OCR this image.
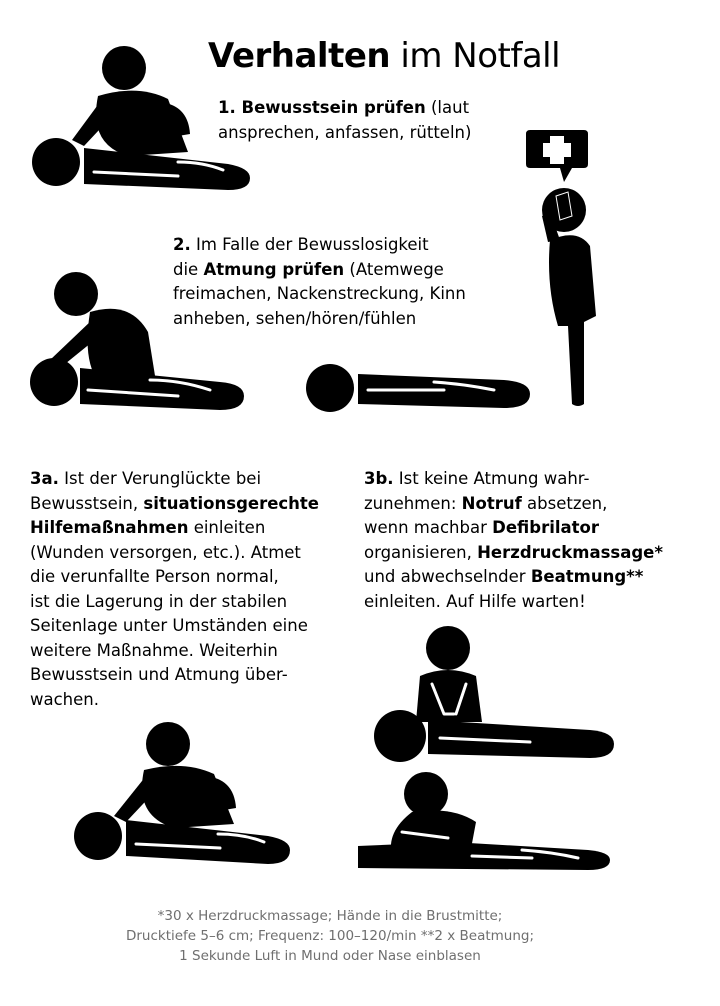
Verhalten im Notfall
1. Bewusstsein prüfen (laut
ansprechen, anfassen, rütteln)
2. Im Falle der Bewusslosigkeit
die Atmung prüfen (Atemwege
freimachen, Nackenstreckung, Kinn
anheben, sehen/hören/fühlen
3a. Ist der Verunglückte bei
Bewusstsein, situationsgerechte
Hilfemaßnahmen einleiten
(Wunden versorgen, etc.). Atmet
die verunfallte Person normal,
ist die Lagerung in der stabilen
Seitenlage unter Umständen eine
weitere Maßnahme. Weiterhin
Bewusstsein und Atmung über-
wachen.
3b. Ist keine Atmung wahr-
zunehmen: Notruf absetzen,
wenn machbar Defibrilator
organisieren, Herzdruckmassage*
und abwechselnder Beatmung**
einleiten. Auf Hilfe warten!
*30 x Herzdruckmassage; Hände in die Brustmitte;
Drucktiefe 5–6 cm; Frequenz: 100–120/min **2 x Beatmung;
1 Sekunde Luft in Mund oder Nase einblasen
